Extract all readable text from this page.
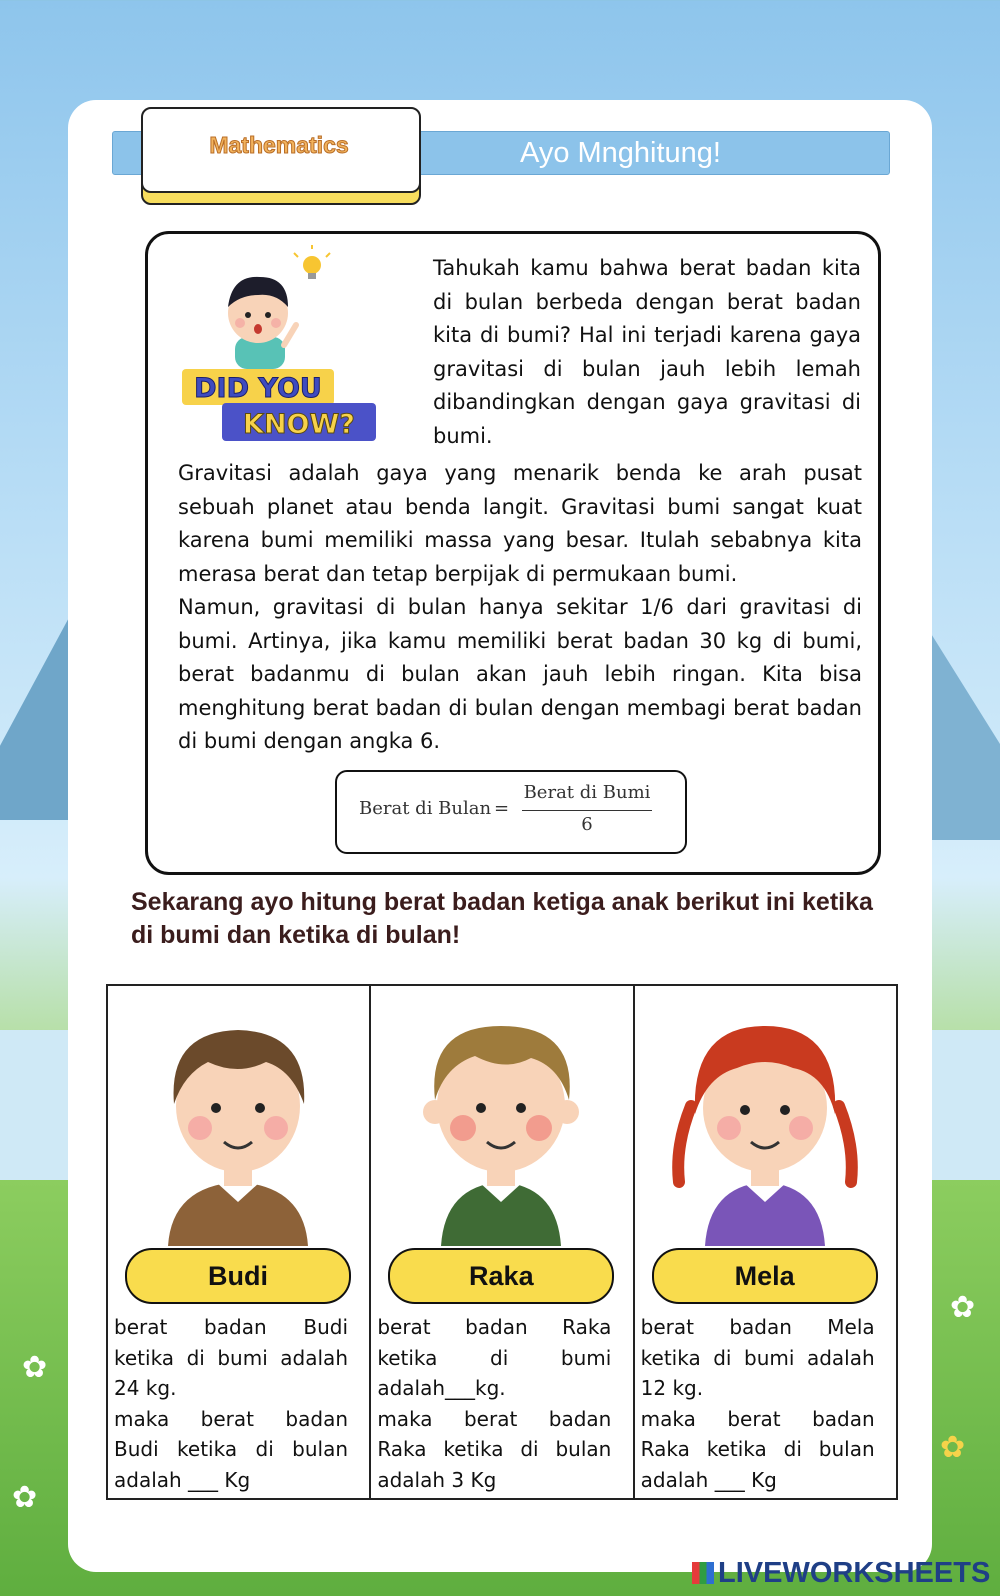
✿
✿
✿
✿
Ayo Mnghitung!
Mathematics
DID YOU
KNOW?
Tahukah kamu bahwa berat badan kita di bulan berbeda dengan berat badan kita di bumi? Hal ini terjadi karena gaya gravitasi di bulan jauh lebih lemah dibandingkan dengan gaya gravitasi di bumi.

Gravitasi adalah gaya yang menarik benda ke arah pusat sebuah planet atau benda langit. Gravitasi bumi sangat kuat karena bumi memiliki massa yang besar. Itulah sebabnya kita merasa berat dan tetap berpijak di permukaan bumi.

Namun, gravitasi di bulan hanya sekitar 1/6 dari gravitasi di bumi. Artinya, jika kamu memiliki berat badan 30 kg di bumi, berat badanmu di bulan akan jauh lebih ringan. Kita bisa menghitung berat badan di bulan dengan membagi berat badan di bumi dengan angka 6.

Berat di Bulan =
Berat di Bumi
6
Sekarang ayo hitung berat badan ketiga anak berikut ini ketika di bumi dan ketika di bulan!
Budi

berat badan Budi ketika di bumi adalah 24 kg.

maka berat badan Budi ketika di bulan adalah ___ Kg

Raka

berat badan Raka ketika di bumi adalah___kg.

maka berat badan Raka ketika di bulan adalah 3 Kg

Mela

berat badan Mela ketika di bumi adalah 12 kg.

maka berat badan Raka ketika di bulan adalah ___ Kg

LIVEWORKSHEETS
